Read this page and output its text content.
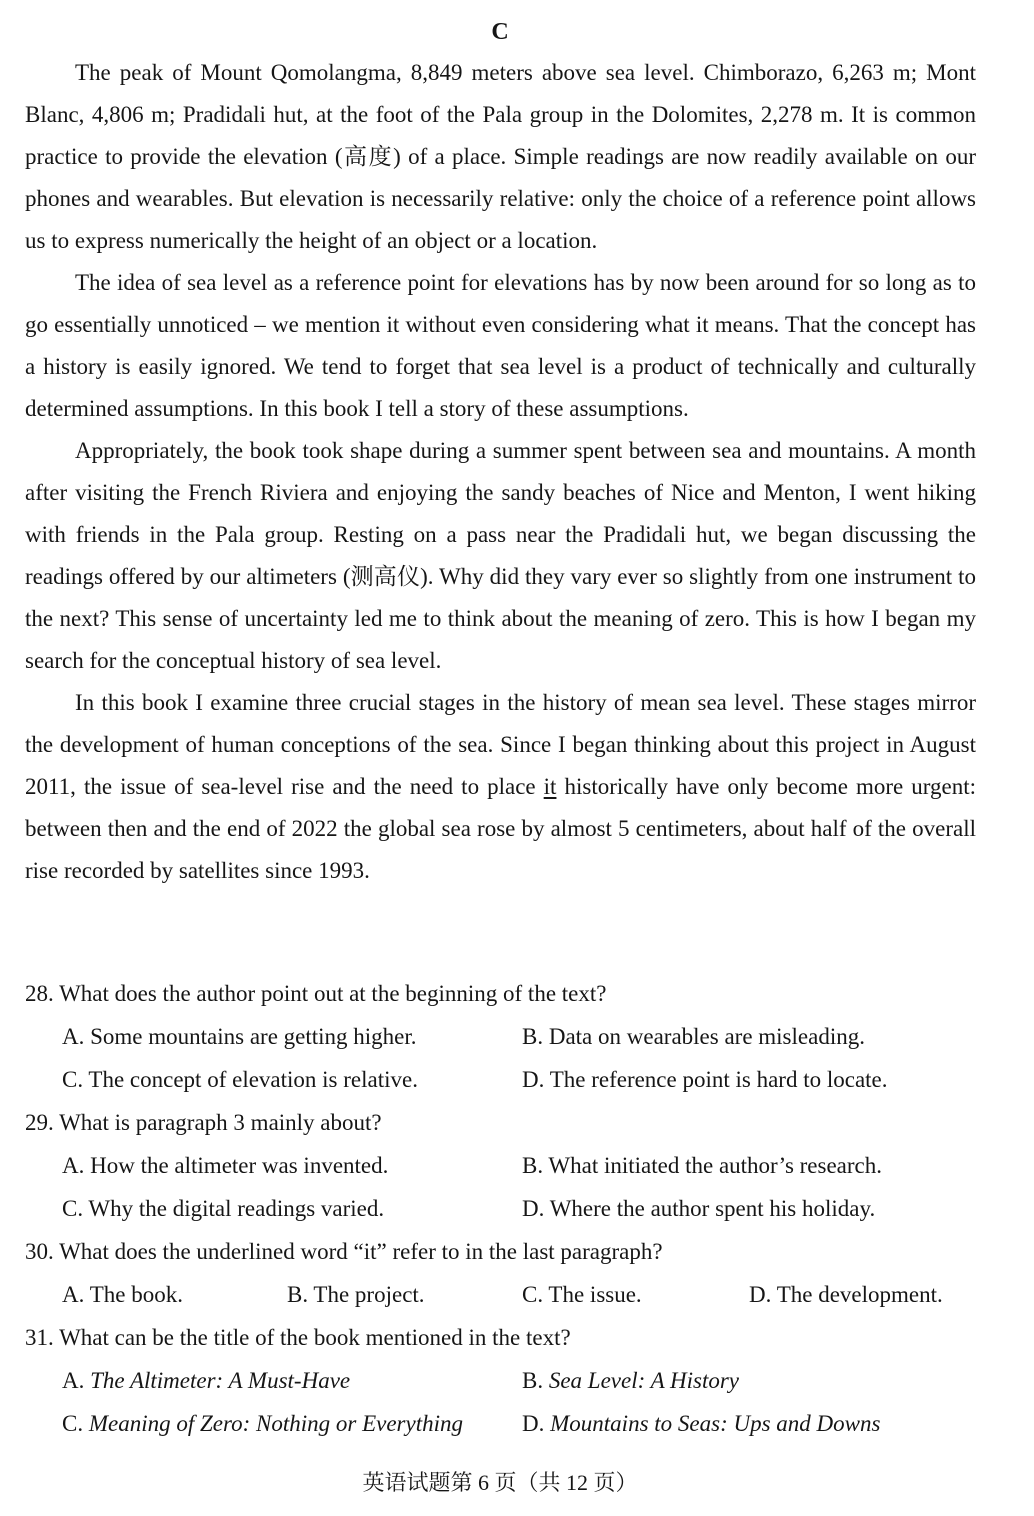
C

The peak of Mount Qomolangma, 8,849 meters above sea level. Chimborazo, 6,263 m; Mont Blanc, 4,806 m; Pradidali hut, at the foot of the Pala group in the Dolomites, 2,278 m. It is common practice to provide the elevation (高度) of a place. Simple readings are now readily available on our phones and wearables. But elevation is necessarily relative: only the choice of a reference point allows us to express numerically the height of an object or a location.

The idea of sea level as a reference point for elevations has by now been around for so long as to go essentially unnoticed – we mention it without even considering what it means. That the concept has a history is easily ignored. We tend to forget that sea level is a product of technically and culturally determined assumptions. In this book I tell a story of these assumptions.

Appropriately, the book took shape during a summer spent between sea and mountains. A month after visiting the French Riviera and enjoying the sandy beaches of Nice and Menton, I went hiking with friends in the Pala group. Resting on a pass near the Pradidali hut, we began discussing the readings offered by our altimeters (测高仪). Why did they vary ever so slightly from one instrument to the next? This sense of uncertainty led me to think about the meaning of zero. This is how I began my search for the conceptual history of sea level.

In this book I examine three crucial stages in the history of mean sea level. These stages mirror the development of human conceptions of the sea. Since I began thinking about this project in August 2011, the issue of sea-level rise and the need to place it historically have only become more urgent: between then and the end of 2022 the global sea rose by almost 5 centimeters, about half of the overall rise recorded by satellites since 1993.

28. What does the author point out at the beginning of the text?
A. Some mountains are getting higher.	B. Data on wearables are misleading.
C. The concept of elevation is relative.	D. The reference point is hard to locate.
29. What is paragraph 3 mainly about?
A. How the altimeter was invented.	B. What initiated the author’s research.
C. Why the digital readings varied.	D. Where the author spent his holiday.
30. What does the underlined word “it” refer to in the last paragraph?
A. The book.	B. The project.	C. The issue.	D. The development.
31. What can be the title of the book mentioned in the text?
A. The Altimeter: A Must-Have	B. Sea Level: A History
C. Meaning of Zero: Nothing or Everything	D. Mountains to Seas: Ups and Downs
英语试题第 6 页（共 12 页）
